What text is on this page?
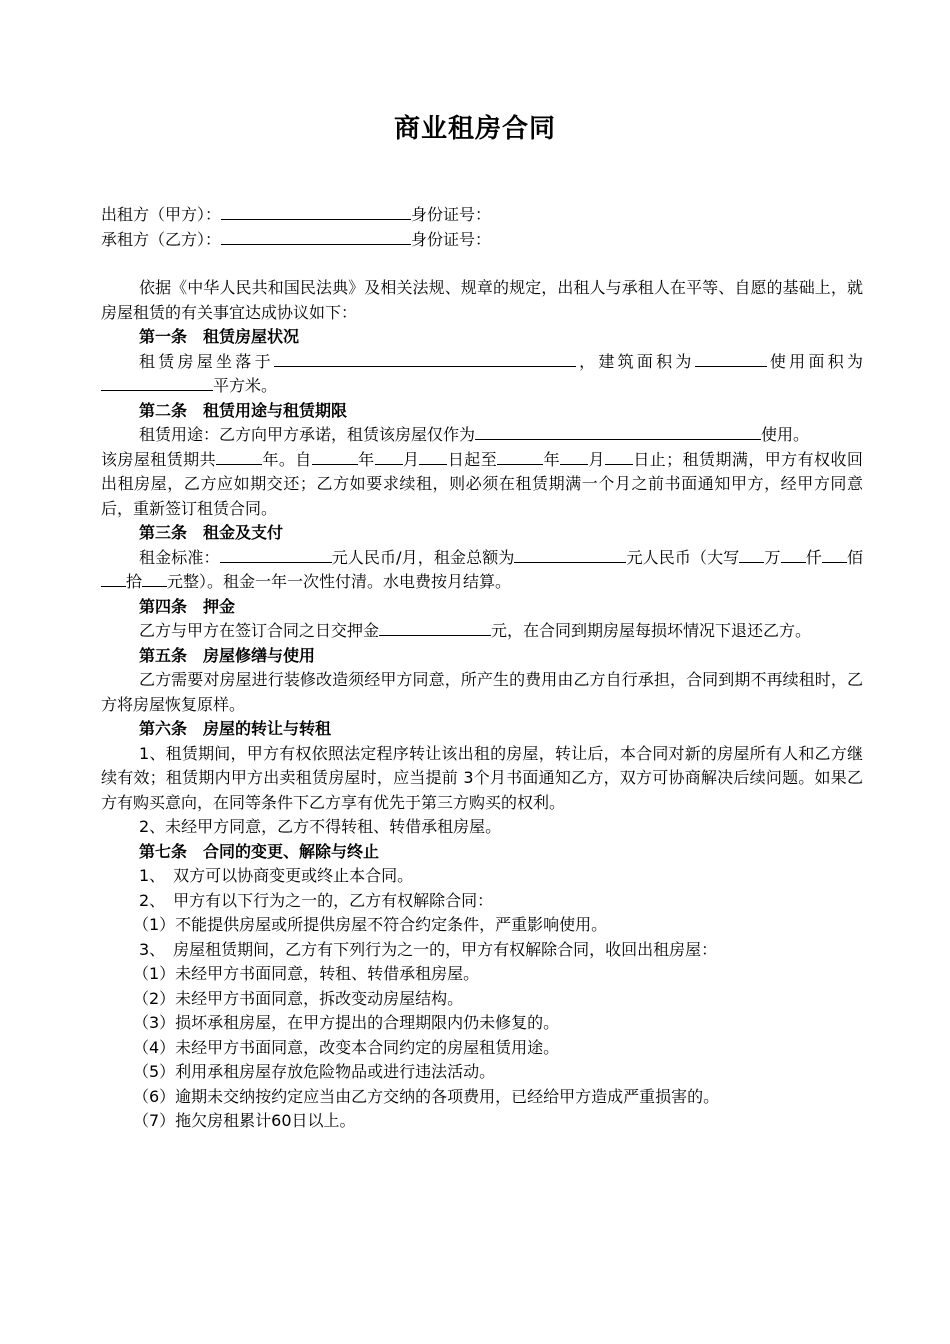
商业租房合同

出租方（甲方）：	身份证号：

承租方（乙方）：	身份证号：

依据《中华人民共和国民法典》及相关法规、规章的规定，出租人与承租人在平等、自愿的基础上，就房屋租赁的有关事宜达成协议如下：

第一条　租赁房屋状况

租赁房屋坐落于	，建筑面积为	使用面积为平方米。

第二条　租赁用途与租赁期限

租赁用途：乙方向甲方承诺，租赁该房屋仅作为	使用。

该房屋租赁期共	年。自	年 月 日起至	年 月 日止；租赁期满，甲方有权收回出租房屋，乙方应如期交还；乙方如要求续租，则必须在租赁期满一个月之前书面通知甲方，经甲方同意后，重新签订租赁合同。

第三条　租金及支付

租金标准：	元人民币/月，租金总额为	元人民币（大写 万 仟 佰拾 元整）。租金一年一次性付清。水电费按月结算。

第四条　押金

乙方与甲方在签订合同之日交押金	元，在合同到期房屋每损坏情况下退还乙方。

第五条　房屋修缮与使用

乙方需要对房屋进行装修改造须经甲方同意，所产生的费用由乙方自行承担，合同到期不再续租时，乙方将房屋恢复原样。

第六条　房屋的转让与转租

1、租赁期间，甲方有权依照法定程序转让该出租的房屋，转让后，本合同对新的房屋所有人和乙方继续有效；租赁期内甲方出卖租赁房屋时，应当提前 3个月书面通知乙方，双方可协商解决后续问题。如果乙方有购买意向，在同等条件下乙方享有优先于第三方购买的权利。

2、未经甲方同意，乙方不得转租、转借承租房屋。

第七条　合同的变更、解除与终止

1、　双方可以协商变更或终止本合同。

2、　甲方有以下行为之一的，乙方有权解除合同：

（1）不能提供房屋或所提供房屋不符合约定条件，严重影响使用。

3、　房屋租赁期间，乙方有下列行为之一的，甲方有权解除合同，收回出租房屋：

（1）未经甲方书面同意，转租、转借承租房屋。

（2）未经甲方书面同意，拆改变动房屋结构。

（3）损坏承租房屋，在甲方提出的合理期限内仍未修复的。

（4）未经甲方书面同意，改变本合同约定的房屋租赁用途。

（5）利用承租房屋存放危险物品或进行违法活动。

（6）逾期未交纳按约定应当由乙方交纳的各项费用，已经给甲方造成严重损害的。

（7）拖欠房租累计60日以上。
